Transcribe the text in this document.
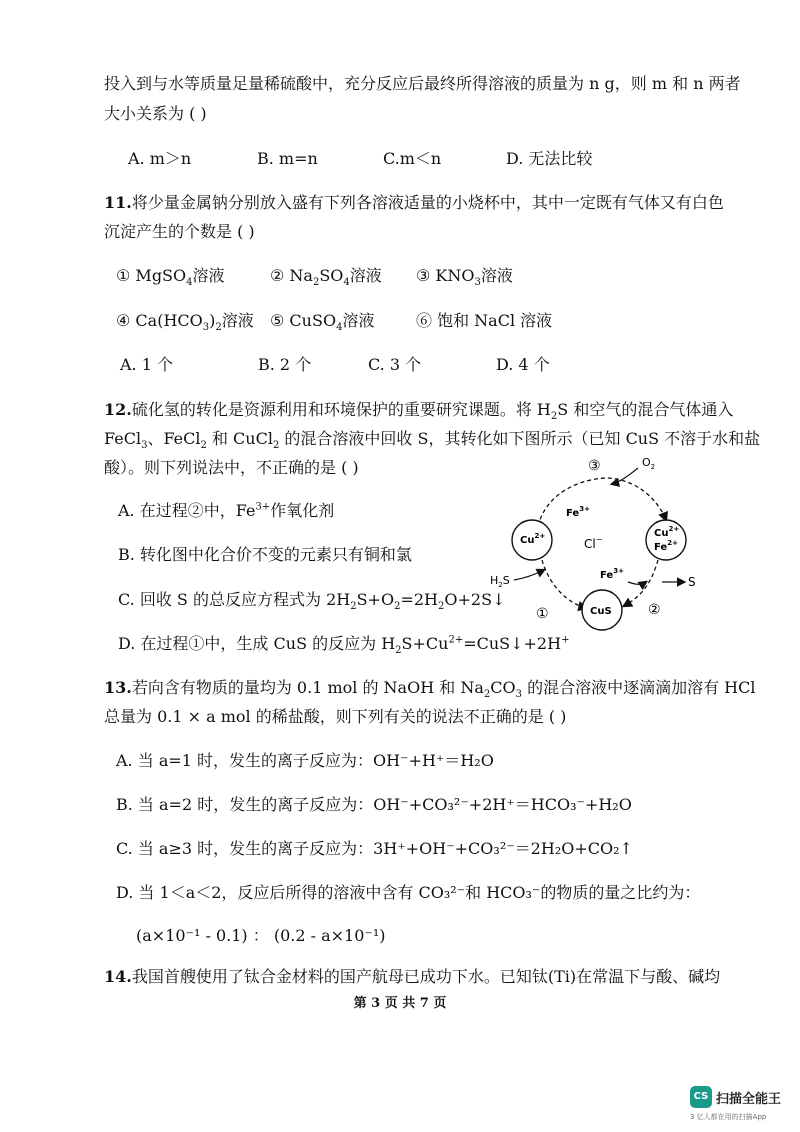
投入到与水等质量足量稀硫酸中，充分反应后最终所得溶液的质量为 n g，则 m 和 n 两者
大小关系为 ( )
A. m＞n	B. m=n	C.m＜n	D. 无法比较
11.将少量金属钠分别放入盛有下列各溶液适量的小烧杯中，其中一定既有气体又有白色
沉淀产生的个数是 ( )
① MgSO$_4$溶液	② $Na_2SO_4$溶液 ③ $KNO_3$溶液
④ $Ca(HCO_3)_2$溶液 ⑤ CuSO$_4$溶液	⑥ 饱和 NaCl 溶液
A. 1 个	B. 2 个	C. 3 个	D. 4 个
12.硫化氢的转化是资源利用和环境保护的重要研究课题。将 $H_2S$ 和空气的混合气体通入
FeCl$_3$、FeCl$_2$ 和 CuCl$_2$ 的混合溶液中回收 S，其转化如下图所示（已知 CuS 不溶于水和盐
酸）。则下列说法中，不正确的是 ( )
A. 在过程②中，$Fe^{3+}$作氧化剂
B. 转化图中化合价不变的元素只有铜和氯
C. 回收 S 的总反应方程式为 $2H_2S+O_2=2H_2O+2S↓$
D. 在过程①中，生成 CuS 的反应为 $H_2S+Cu^{2+}=CuS↓+2H^+$
③	$O_2$
$Fe^{3+}$
$Cu^{2+}$
Cl−
$Cu^{2+}$
$Fe^{2+}$
$H_2S$	$Fe^{3+}$
S
①	CuS	②
13.若向含有物质的量均为 0.1 mol 的 NaOH 和 $Na_2CO_3$ 的混合溶液中逐滴滴加溶有 HCl
总量为 0.1 × a mol 的稀盐酸，则下列有关的说法不正确的是 ( )
A. 当 a=1 时，发生的离子反应为：OH⁻+H⁺＝H₂O
B. 当 a=2 时，发生的离子反应为：OH⁻+CO₃²⁻+2H⁺＝HCO₃⁻+H₂O
C. 当 a≥3 时，发生的离子反应为：3H⁺+OH⁻+CO₃²⁻＝2H₂O+CO₂↑
D. 当 1＜a＜2，反应后所得的溶液中含有 CO₃²⁻和 HCO₃⁻的物质的量之比约为：
(a×10⁻¹ - 0.1) ： (0.2 - a×10⁻¹)
14.我国首艘使用了钛合金材料的国产航母已成功下水。已知钛(Ti)在常温下与酸、碱均
第 3 页 共 7 页
CS 扫描全能王
3 亿人都在用的扫描App
